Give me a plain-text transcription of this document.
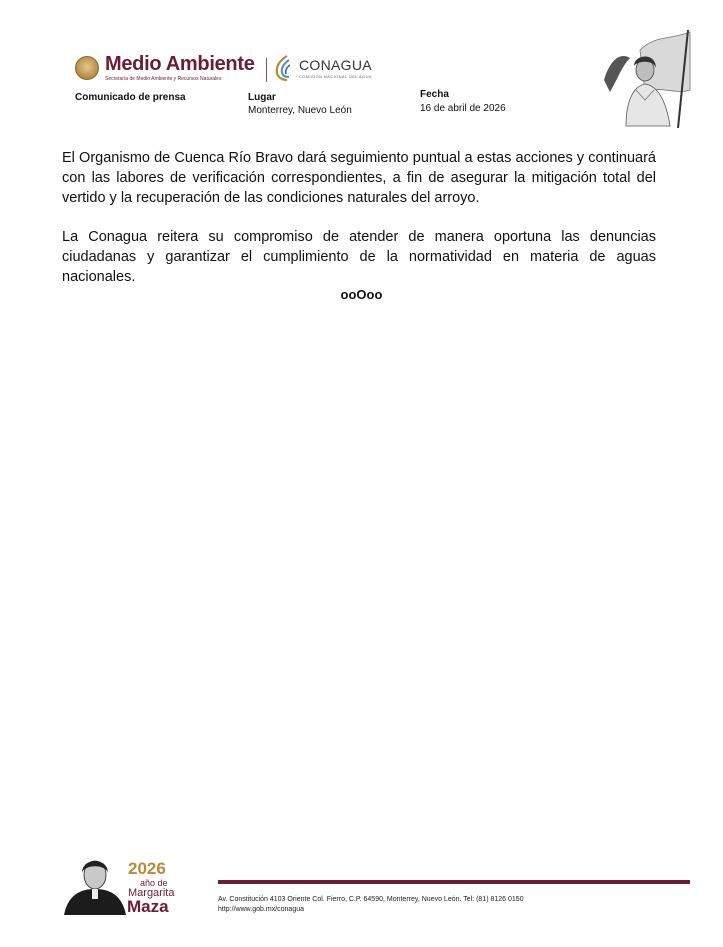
Medio Ambiente
Secretaría de Medio Ambiente y Recursos Naturales
CONAGUA
COMISIÓN NACIONAL DEL AGUA
Comunicado de prensa	Lugar
Monterrey, Nuevo León
Fecha
16 de abril de 2026

El Organismo de Cuenca Río Bravo dará seguimiento puntual a estas acciones y continuará con las labores de verificación correspondientes, a fin de asegurar la mitigación total del vertido y la recuperación de las condiciones naturales del arroyo.

La Conagua reitera su compromiso de atender de manera oportuna las denuncias ciudadanas y garantizar el cumplimiento de la normatividad en materia de aguas nacionales.

ooOoo
2026
año de
Margarita
Maza	Av. Constitución 4103 Oriente Col. Fierro, C.P. 64590, Monterrey, Nuevo León. Tel: (81) 8126 0150
http://www.gob.mx/conagua
